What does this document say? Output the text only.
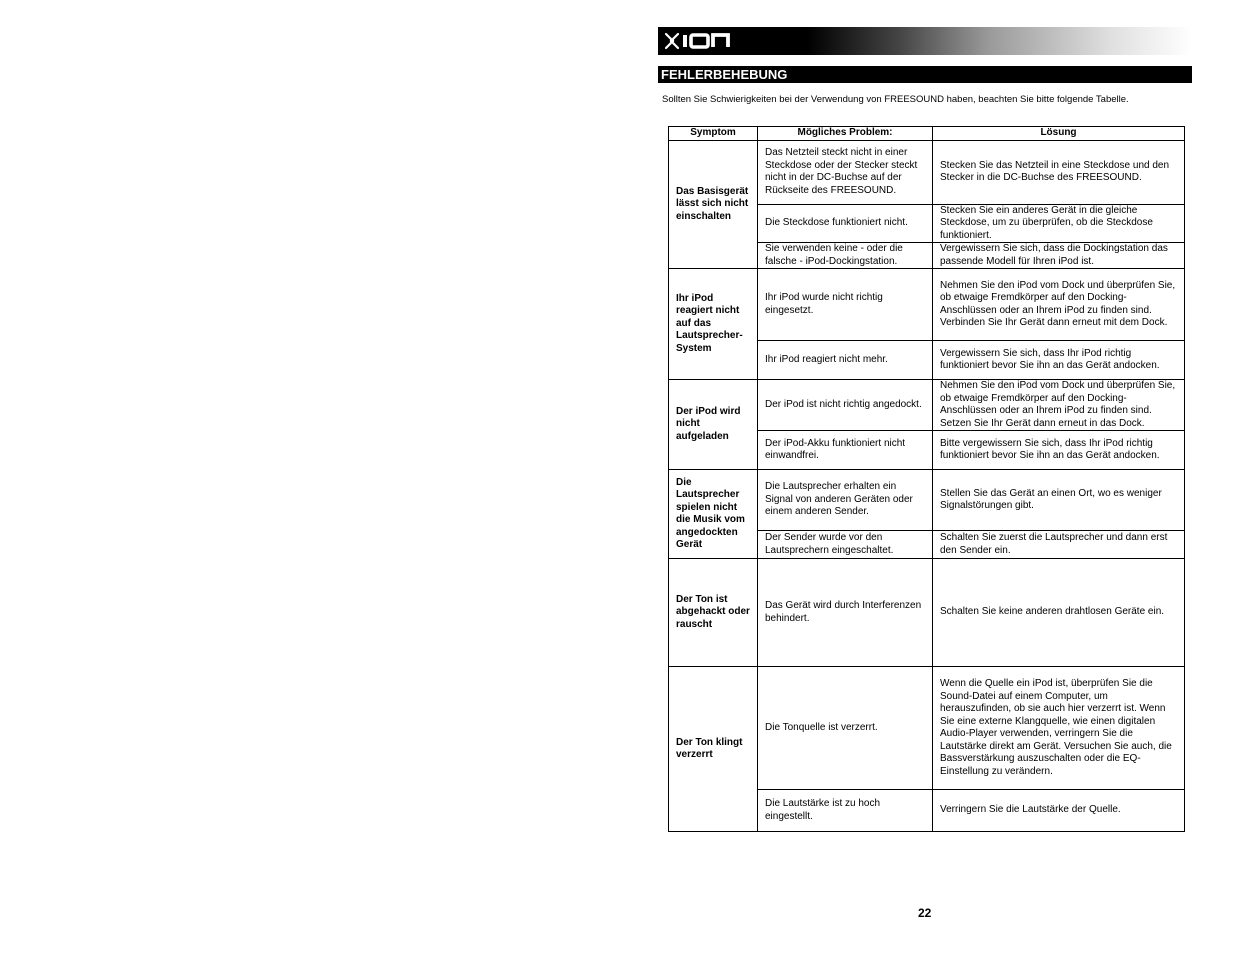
FEHLERBEHEBUNG
Sollten Sie Schwierigkeiten bei der Verwendung von FREESOUND haben, beachten Sie bitte folgende Tabelle.
Symptom	Mögliches Problem:	Lösung
Das Basisgerät lässt sich nicht einschalten	Das Netzteil steckt nicht in einer Steckdose oder der Stecker steckt nicht in der DC-Buchse auf der Rückseite des FREESOUND.	Stecken Sie das Netzteil in eine Steckdose und den Stecker in die DC-Buchse des FREESOUND.
	Die Steckdose funktioniert nicht.	Stecken Sie ein anderes Gerät in die gleiche Steckdose, um zu überprüfen, ob die Steckdose funktioniert.
	Sie verwenden keine - oder die falsche - iPod-Dockingstation.	Vergewissern Sie sich, dass die Dockingstation das passende Modell für Ihren iPod ist.
Ihr iPod reagiert nicht auf das Lautsprecher-System	Ihr iPod wurde nicht richtig eingesetzt.	Nehmen Sie den iPod vom Dock und überprüfen Sie, ob etwaige Fremdkörper auf den Docking-Anschlüssen oder an Ihrem iPod zu finden sind. Verbinden Sie Ihr Gerät dann erneut mit dem Dock.
	Ihr iPod reagiert nicht mehr.	Vergewissern Sie sich, dass Ihr iPod richtig funktioniert bevor Sie ihn an das Gerät andocken.
Der iPod wird nicht aufgeladen	Der iPod ist nicht richtig angedockt.	Nehmen Sie den iPod vom Dock und überprüfen Sie, ob etwaige Fremdkörper auf den Docking-Anschlüssen oder an Ihrem iPod zu finden sind. Setzen Sie Ihr Gerät dann erneut in das Dock.
	Der iPod-Akku funktioniert nicht einwandfrei.	Bitte vergewissern Sie sich, dass Ihr iPod richtig funktioniert bevor Sie ihn an das Gerät andocken.
Die Lautsprecher spielen nicht die Musik vom angedockten Gerät	Die Lautsprecher erhalten ein Signal von anderen Geräten oder einem anderen Sender.	Stellen Sie das Gerät an einen Ort, wo es weniger Signalstörungen gibt.
	Der Sender wurde vor den Lautsprechern eingeschaltet.	Schalten Sie zuerst die Lautsprecher und dann erst den Sender ein.
Der Ton ist abgehackt oder rauscht	Das Gerät wird durch Interferenzen behindert.	Schalten Sie keine anderen drahtlosen Geräte ein.
Der Ton klingt verzerrt	Die Tonquelle ist verzerrt.	Wenn die Quelle ein iPod ist, überprüfen Sie die Sound-Datei auf einem Computer, um herauszufinden, ob sie auch hier verzerrt ist. Wenn Sie eine externe Klangquelle, wie einen digitalen Audio-Player verwenden, verringern Sie die Lautstärke direkt am Gerät. Versuchen Sie auch, die Bassverstärkung auszuschalten oder die EQ-Einstellung zu verändern.
	Die Lautstärke ist zu hoch eingestellt.	Verringern Sie die Lautstärke der Quelle.
22
